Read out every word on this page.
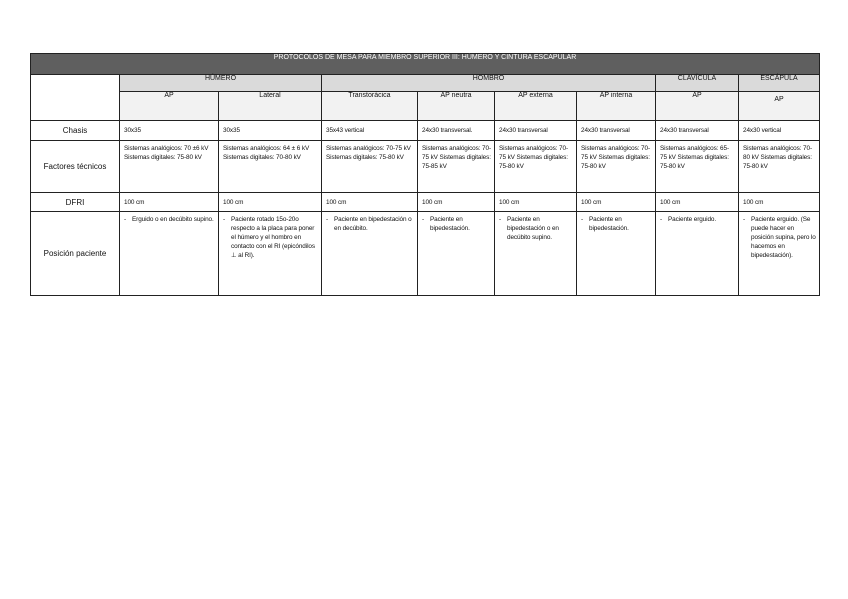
PROTOCOLOS DE MESA PARA MIEMBRO SUPERIOR III: HÚMERO Y CINTURA ESCAPULAR								
	HÚMERO		HOMBRO				CLAVÍCULA	ESCÁPULA
	AP	Lateral	Transtorácica	AP neutra	AP externa	AP interna	AP	AP
Chasis	30x35	30x35	35x43 vertical	24x30 transversal.	24x30 transversal	24x30 transversal	24x30 transversal	24x30 vertical
Factores técnicos	Sistemas analógicos: 70 ±6 kV Sistemas digitales: 75-80 kV	Sistemas analógicos: 64 ± 6 kV Sistemas digitales: 70-80 kV	Sistemas analógicos: 70-75 kV Sistemas digitales: 75-80 kV	Sistemas analógicos: 70-75 kV Sistemas digitales: 75-85 kV	Sistemas analógicos: 70-75 kV Sistemas digitales: 75-80 kV	Sistemas analógicos: 70-75 kV Sistemas digitales: 75-80 kV	Sistemas analógicos: 65-75 kV Sistemas digitales: 75-80 kV	Sistemas analógicos: 70-80 kV Sistemas digitales: 75-80 kV
DFRI	100 cm	100 cm	100 cm	100 cm	100 cm	100 cm	100 cm	100 cm
Posición paciente	- Erguido o en decúbito supino.	- Paciente rotado 15o-20o respecto a la placa para poner el húmero y el hombro en contacto con el RI (epicóndilos ⊥ al RI).	- Paciente en bipedestación o en decúbito.	- Paciente en bipedestación.	- Paciente en bipedestación o en decúbito supino.	- Paciente en bipedestación.	- Paciente erguido.	- Paciente erguido. (Se puede hacer en posición supina, pero lo hacemos en bipedestación).
